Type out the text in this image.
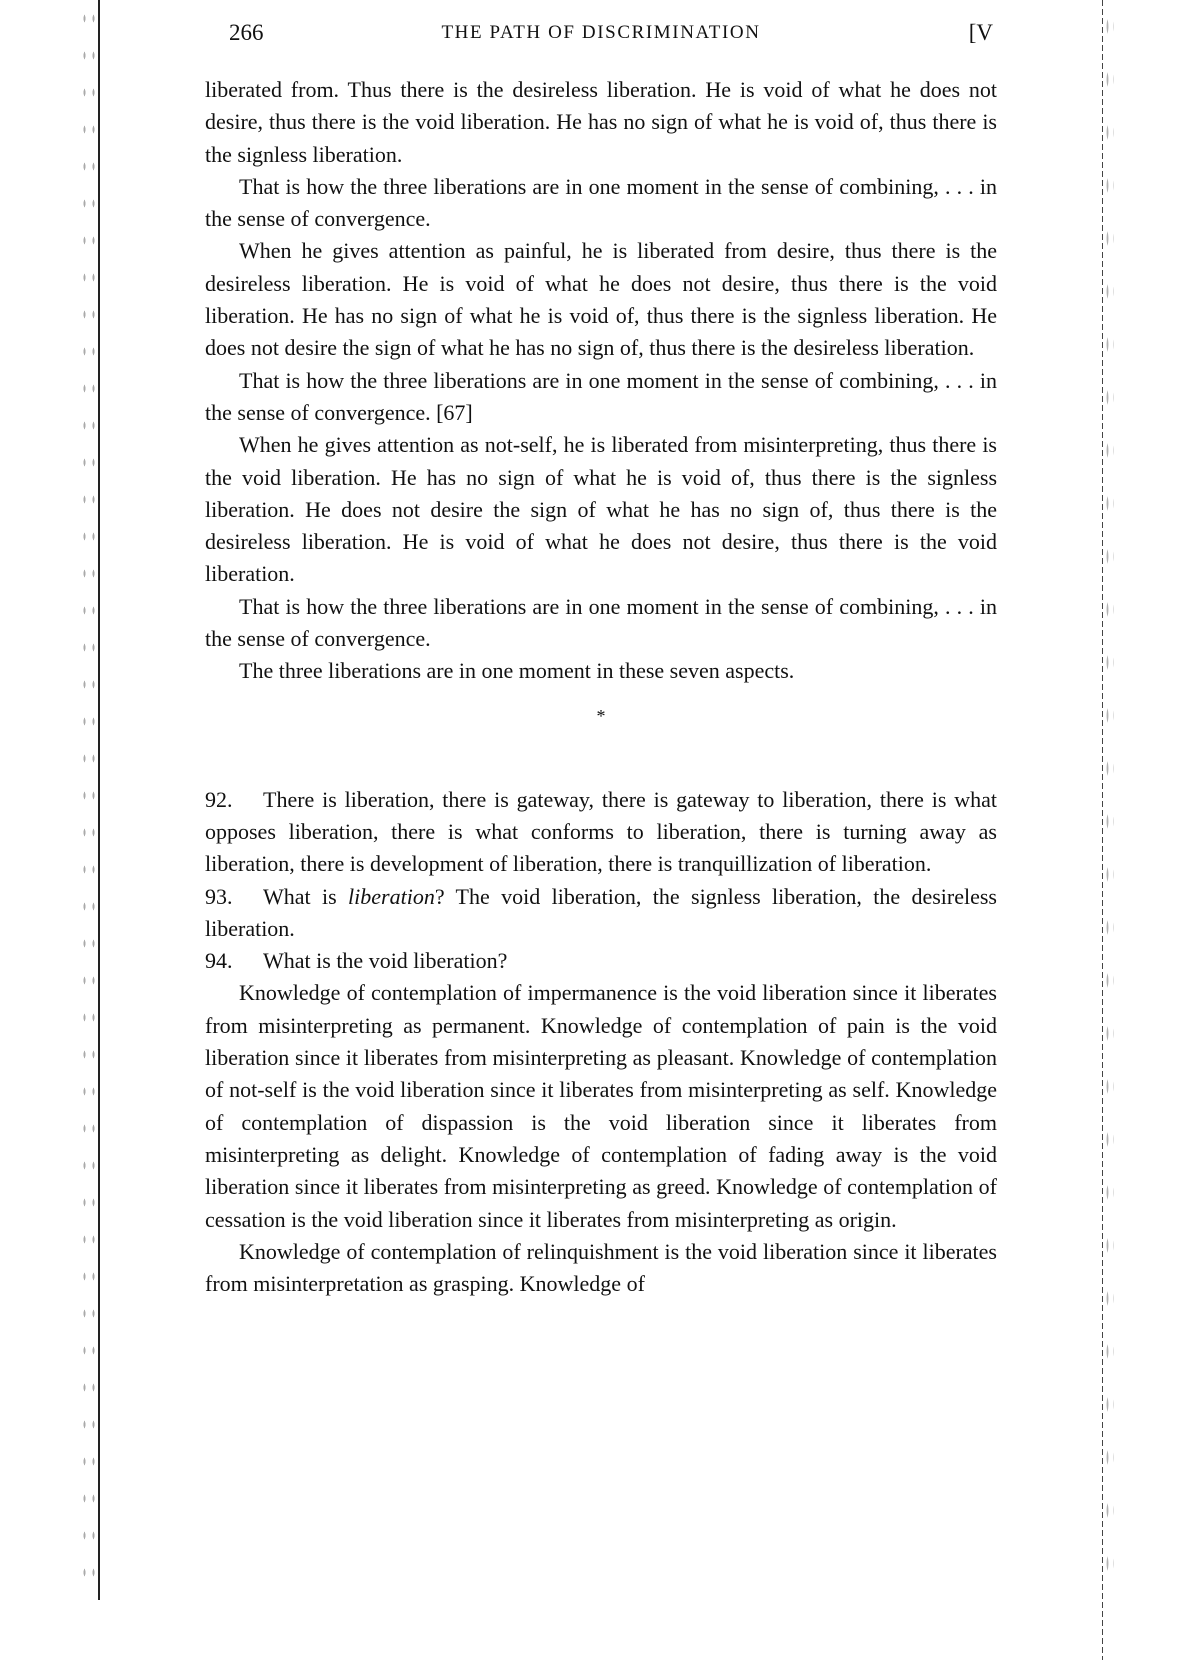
266	THE PATH OF DISCRIMINATION	[V

liberated from. Thus there is the desireless liberation. He is void of what he does not desire, thus there is the void liberation. He has no sign of what he is void of, thus there is the signless liberation.

That is how the three liberations are in one moment in the sense of combining, . . . in the sense of convergence.

When he gives attention as painful, he is liberated from desire, thus there is the desireless liberation. He is void of what he does not desire, thus there is the void liberation. He has no sign of what he is void of, thus there is the signless liberation. He does not desire the sign of what he has no sign of, thus there is the desireless liberation.

That is how the three liberations are in one moment in the sense of combining, . . . in the sense of convergence. [67]

When he gives attention as not-self, he is liberated from misinterpreting, thus there is the void liberation. He has no sign of what he is void of, thus there is the signless liberation. He does not desire the sign of what he has no sign of, thus there is the desireless liberation. He is void of what he does not desire, thus there is the void liberation.

That is how the three liberations are in one moment in the sense of combining, . . . in the sense of convergence.

The three liberations are in one moment in these seven aspects.

*

92. There is liberation, there is gateway, there is gateway to liberation, there is what opposes liberation, there is what conforms to liberation, there is turning away as liberation, there is development of liberation, there is tranquillization of liberation.

93. What is liberation? The void liberation, the signless liberation, the desireless liberation.

94. What is the void liberation?

Knowledge of contemplation of impermanence is the void liberation since it liberates from misinterpreting as permanent. Knowledge of contemplation of pain is the void liberation since it liberates from misinterpreting as pleasant. Knowledge of contemplation of not-self is the void liberation since it liberates from misinterpreting as self. Knowledge of contemplation of dispassion is the void liberation since it liberates from misinterpreting as delight. Knowledge of contemplation of fading away is the void liberation since it liberates from misinterpreting as greed. Knowledge of contemplation of cessation is the void liberation since it liberates from misinterpreting as origin.

Knowledge of contemplation of relinquishment is the void liberation since it liberates from misinterpretation as grasping. Knowledge of
